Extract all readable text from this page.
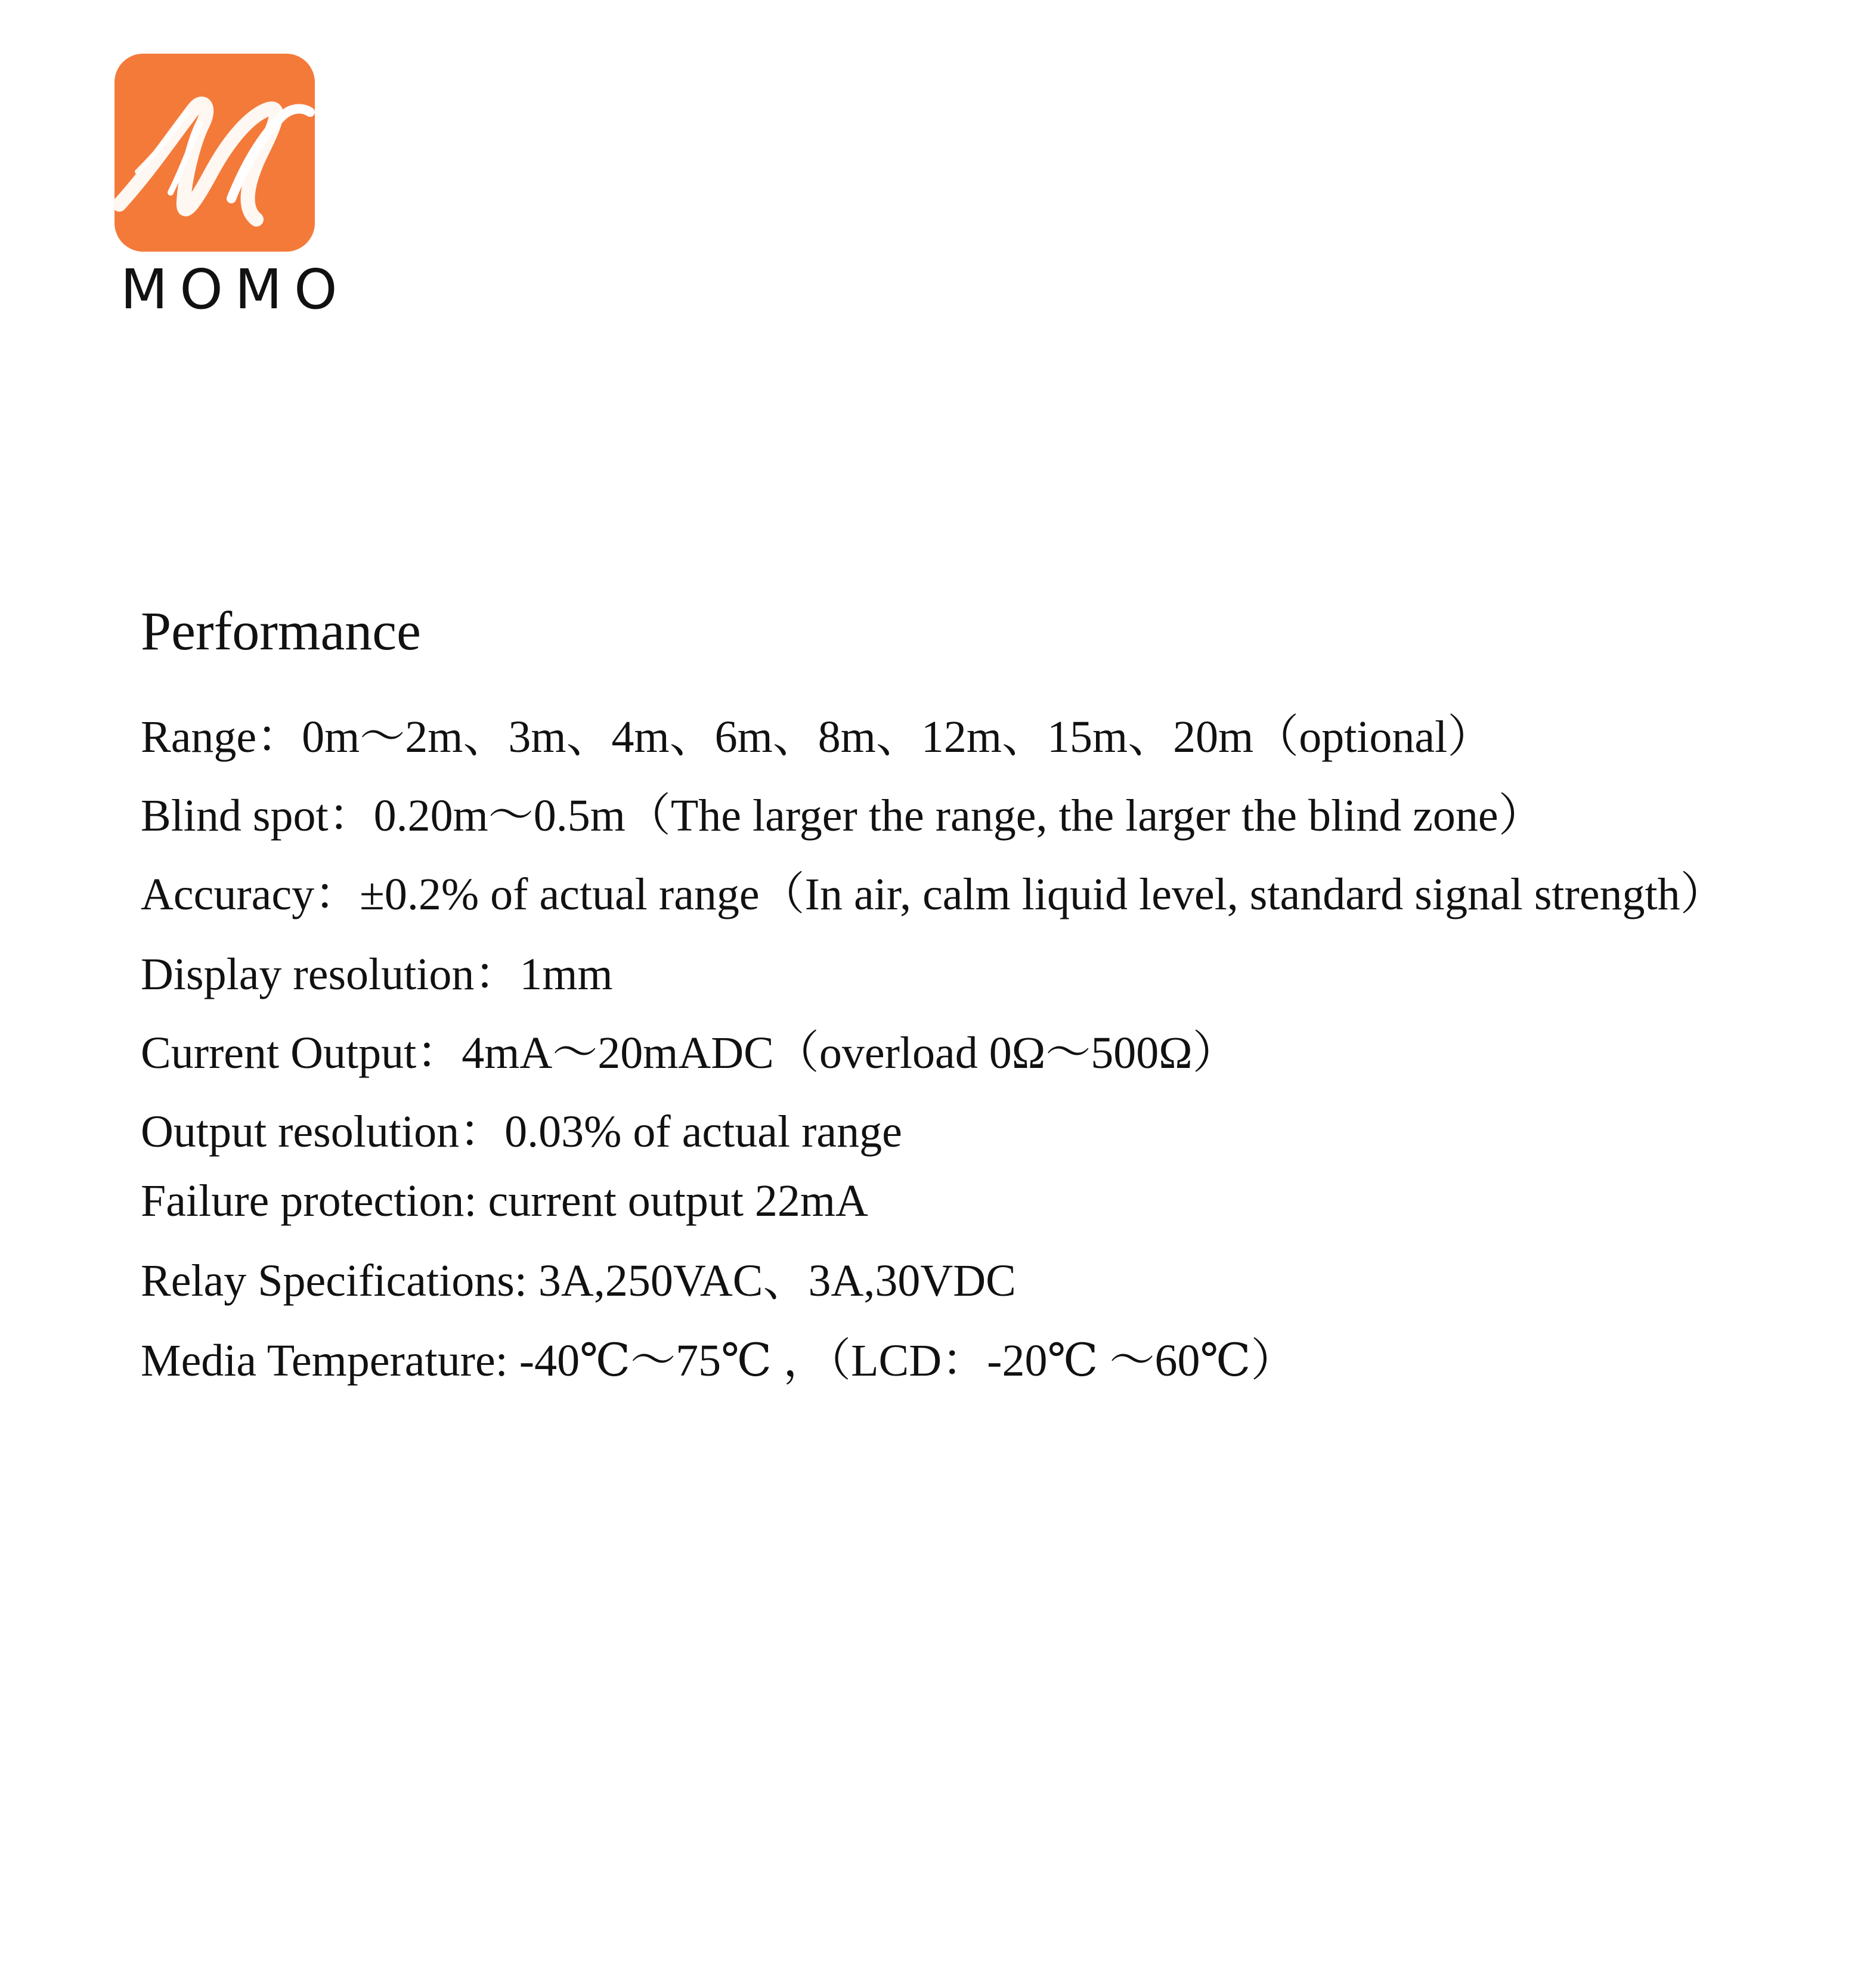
MOMO
Performance
Range：0m～2m、3m、4m、6m、8m、12m、15m、20m（optional）
Blind spot：0.20m～0.5m（The larger the range, the larger the blind zone）
Accuracy：±0.2% of actual range（In air, calm liquid level, standard signal strength）
Display resolution：1mm
Current Output：4mA～20mADC（overload 0Ω～500Ω）
Output resolution：0.03% of actual range
Failure protection: current output 22mA
Relay Specifications: 3A,250VAC、3A,30VDC
Media Temperature: -40℃～75℃ ，（LCD：-20℃ ～60℃）
